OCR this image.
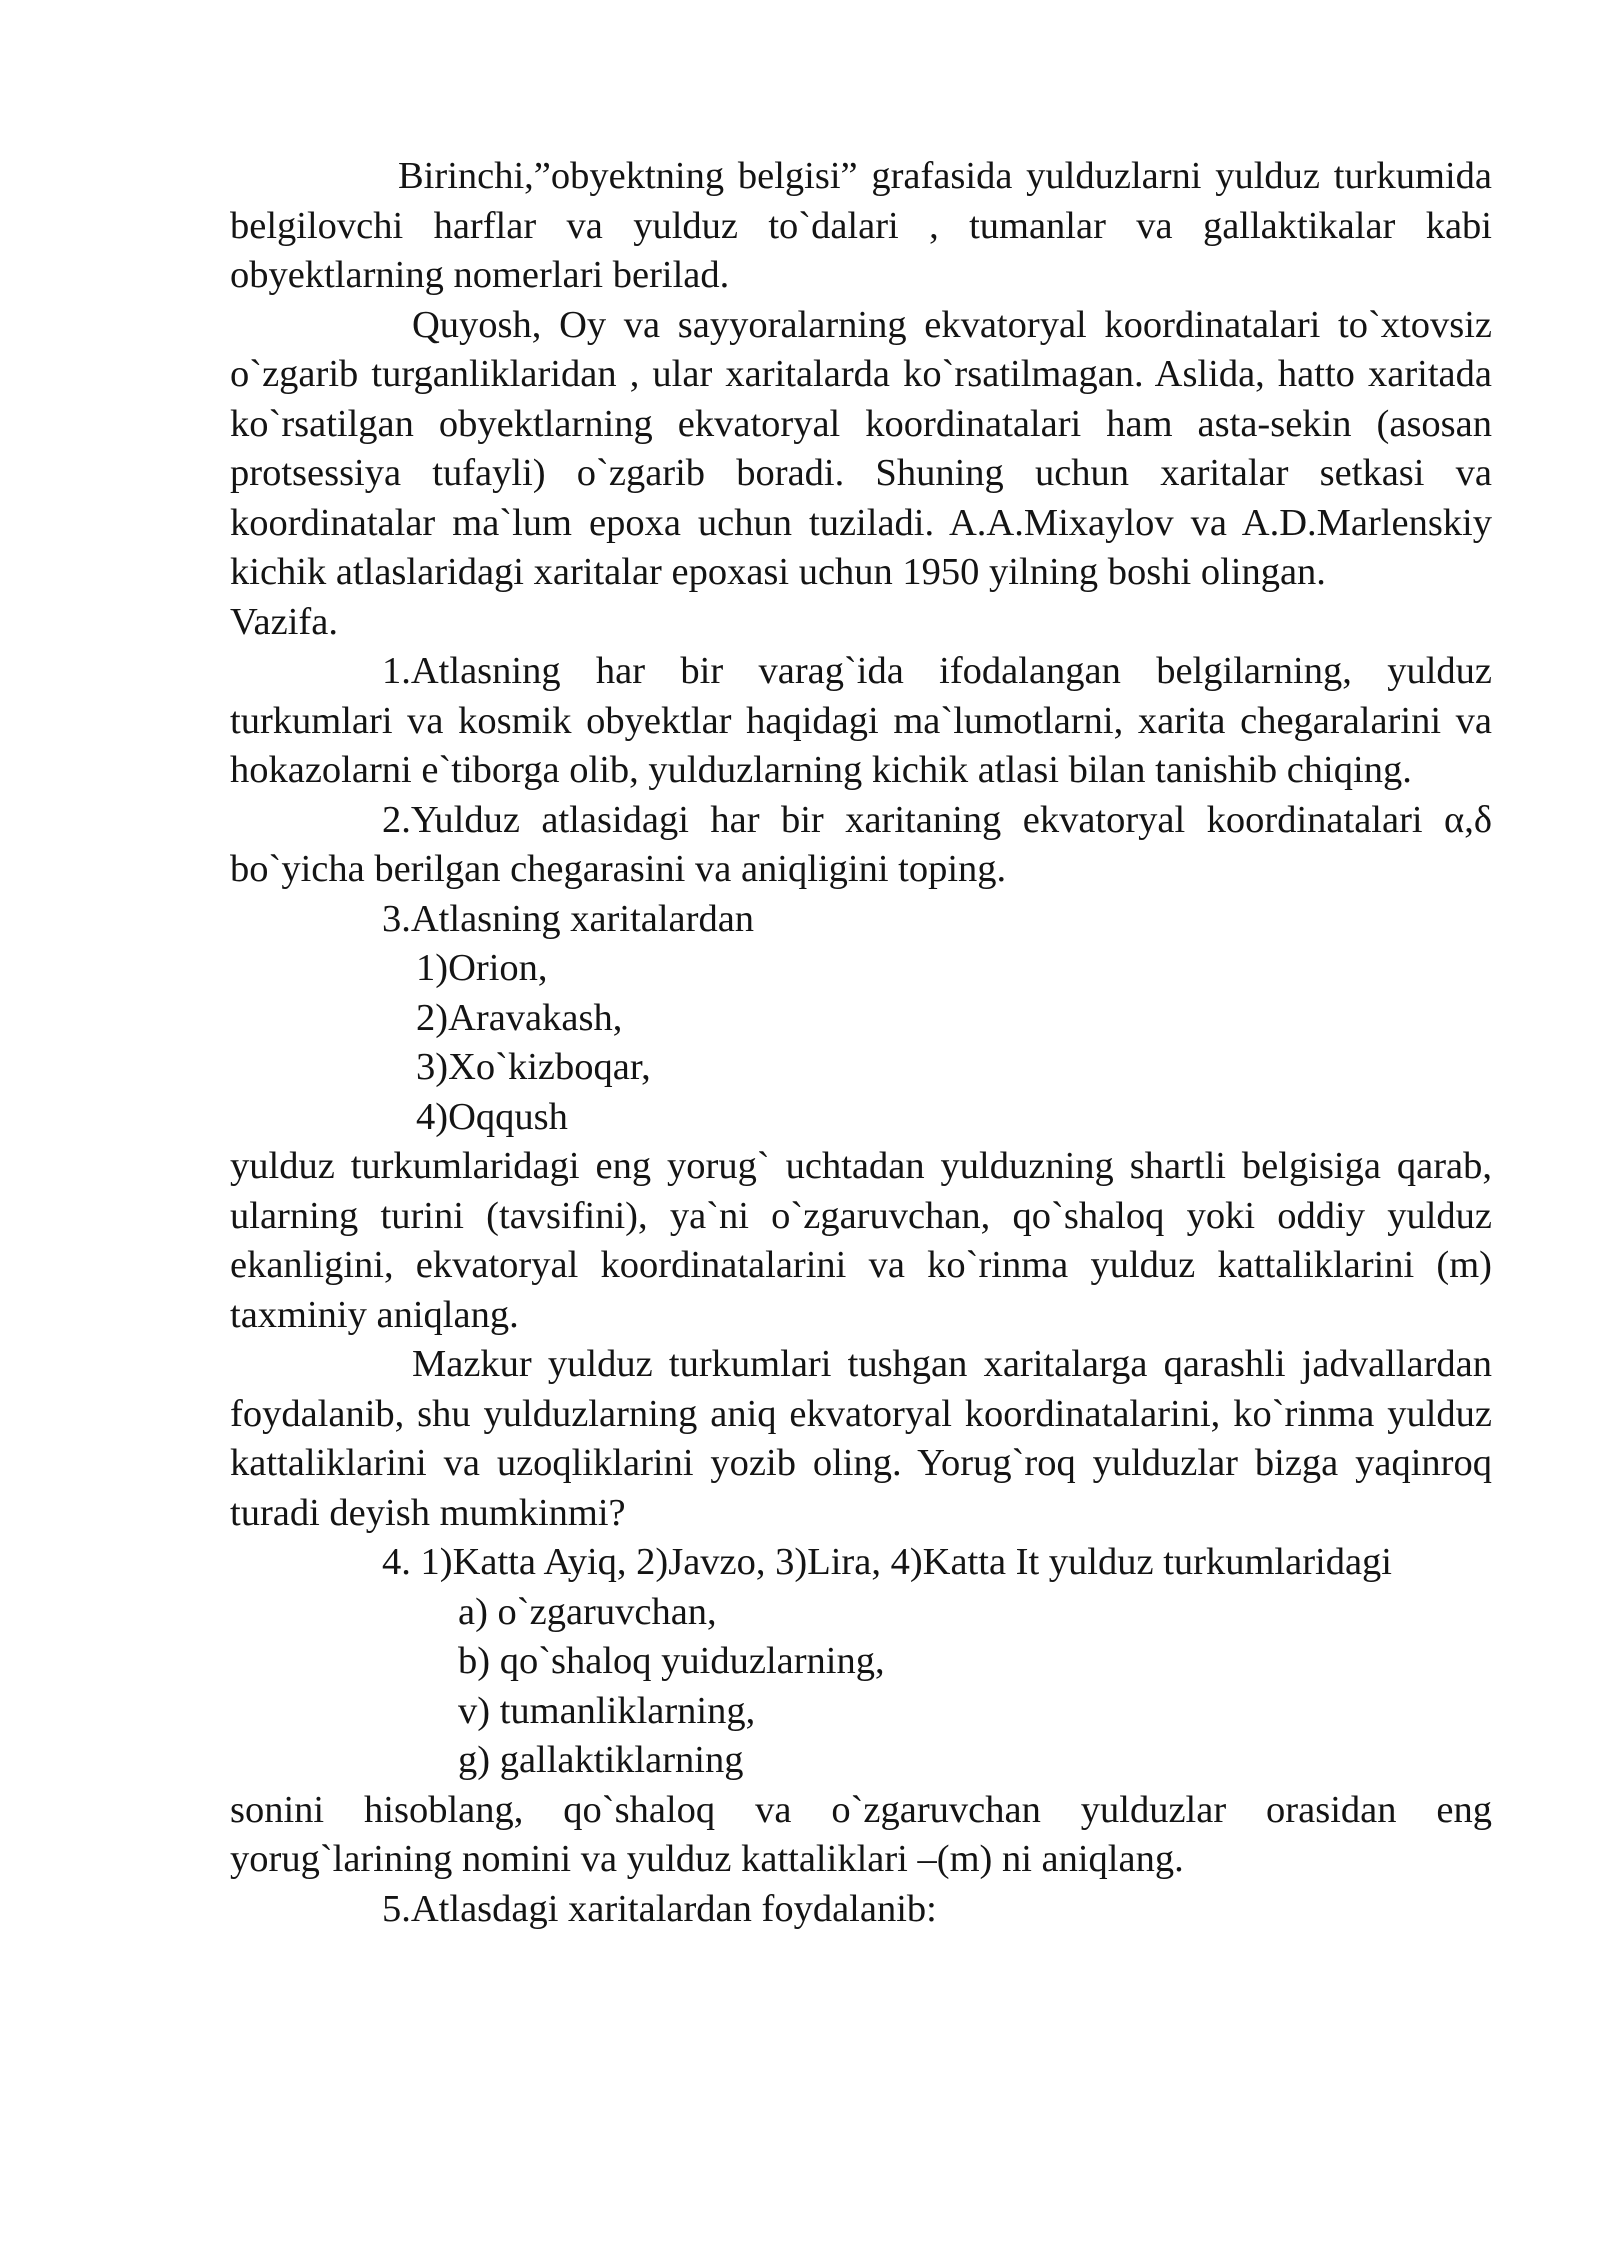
Birinchi,”obyektning belgisi” grafasida yulduzlarni yulduz turkumida belgilovchi harflar va yulduz to`dalari , tumanlar va gallaktikalar kabi obyektlarning nomerlari berilad.

Quyosh, Oy va sayyoralarning ekvatoryal koordinatalari to`xtovsiz o`zgarib turganliklaridan , ular xaritalarda ko`rsatilmagan. Aslida, hatto xaritada ko`rsatilgan obyektlarning ekvatoryal koordinatalari ham asta-sekin (asosan protsessiya tufayli) o`zgarib boradi. Shuning uchun xaritalar setkasi va koordinatalar ma`lum epoxa uchun tuziladi. A.A.Mixaylov va A.D.Marlenskiy kichik atlaslaridagi xaritalar epoxasi uchun 1950 yilning boshi olingan.

Vazifa.

1.Atlasning har bir varag`ida ifodalangan belgilarning, yulduz turkumlari va kosmik obyektlar haqidagi ma`lumotlarni, xarita chegaralarini va hokazolarni e`tiborga olib, yulduzlarning kichik atlasi bilan tanishib chiqing.

2.Yulduz atlasidagi har bir xaritaning ekvatoryal koordinatalari α,δ bo`yicha berilgan chegarasini va aniqligini toping.

3.Atlasning xaritalardan

1)Orion,

2)Aravakash,

3)Xo`kizboqar,

4)Oqqush

yulduz turkumlaridagi eng yorug` uchtadan yulduzning shartli belgisiga qarab, ularning turini (tavsifini), ya`ni o`zgaruvchan, qo`shaloq yoki oddiy yulduz ekanligini, ekvatoryal koordinatalarini va ko`rinma yulduz kattaliklarini (m) taxminiy aniqlang.

Mazkur yulduz turkumlari tushgan xaritalarga qarashli jadvallardan foydalanib, shu yulduzlarning aniq ekvatoryal koordinatalarini, ko`rinma yulduz kattaliklarini va uzoqliklarini yozib oling. Yorug`roq yulduzlar bizga yaqinroq turadi deyish mumkinmi?

4. 1)Katta Ayiq, 2)Javzo, 3)Lira, 4)Katta It yulduz turkumlaridagi

a) o`zgaruvchan,

b) qo`shaloq yuiduzlarning,

v) tumanliklarning,

g) gallaktiklarning

sonini hisoblang, qo`shaloq va o`zgaruvchan yulduzlar orasidan eng yorug`larining nomini va yulduz kattaliklari –(m) ni aniqlang.

5.Atlasdagi xaritalardan foydalanib:
